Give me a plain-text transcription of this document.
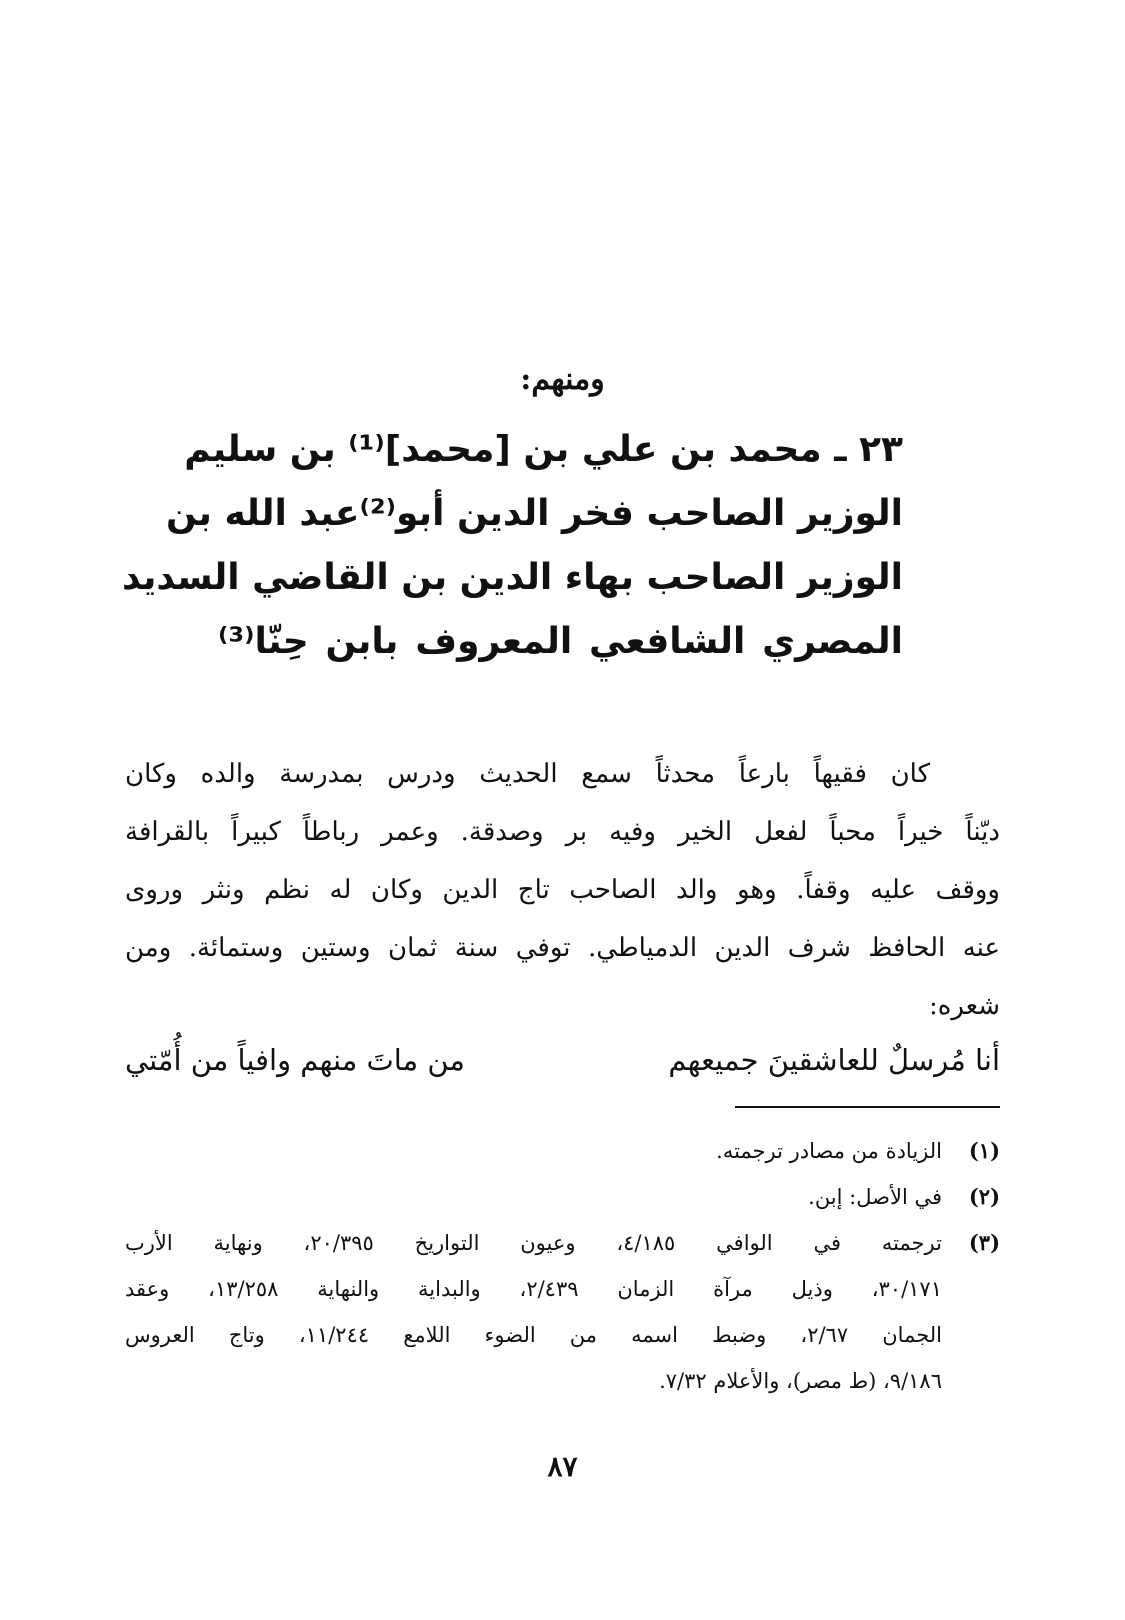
ومنهم:
٢٣ ـ محمد بن علي بن [محمد]⁽¹⁾ بن سليم
الوزير الصاحب فخر الدين أبو⁽²⁾عبد الله بن
الوزير الصاحب بهاء الدين بن القاضي السديد
المصري الشافعي المعروف بابن حِنّا⁽³⁾
كان فقيهاً بارعاً محدثاً سمع الحديث ودرس بمدرسة والده وكان
ديّناً خيراً محباً لفعل الخير وفيه بر وصدقة. وعمر رباطاً كبيراً بالقرافة
ووقف عليه وقفاً. وهو والد الصاحب تاج الدين وكان له نظم ونثر وروى
عنه الحافظ شرف الدين الدمياطي. توفي سنة ثمان وستين وستمائة. ومن
شعره:
أنا مُرسلٌ للعاشقينَ جميعهم
من ماتَ منهم وافياً من أُمّتي
(١)
الزيادة من مصادر ترجمته.
(٢)
في الأصل: إبن.
(٣)
ترجمته في الوافي ٤/١٨٥، وعيون التواريخ ٢٠/٣٩٥، ونهاية الأرب
٣٠/١٧١، وذيل مرآة الزمان ٢/٤٣٩، والبداية والنهاية ١٣/٢٥٨، وعقد
الجمان ٢/٦٧، وضبط اسمه من الضوء اللامع ١١/٢٤٤، وتاج العروس
٩/١٨٦، (ط مصر)، والأعلام ٧/٣٢.
٨٧
